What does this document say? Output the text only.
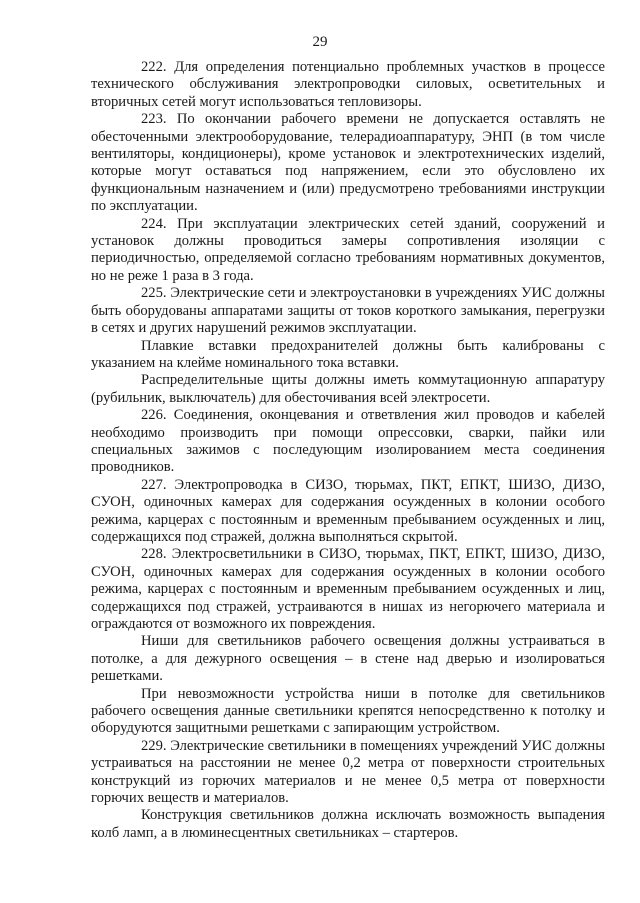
29

222. Для определения потенциально проблемных участков в процессе технического обслуживания электропроводки силовых, осветительных и вторичных сетей могут использоваться тепловизоры.

223. По окончании рабочего времени не допускается оставлять не обесточенными электрооборудование, телерадиоаппаратуру, ЭНП (в том числе вентиляторы, кондиционеры), кроме установок и электротехнических изделий, которые могут оставаться под напряжением, если это обусловлено их функциональным назначением и (или) предусмотрено требованиями инструкции по эксплуатации.

224. При эксплуатации электрических сетей зданий, сооружений и установок должны проводиться замеры сопротивления изоляции с периодичностью, определяемой согласно требованиям нормативных документов, но не реже 1 раза в 3 года.

225. Электрические сети и электроустановки в учреждениях УИС должны быть оборудованы аппаратами защиты от токов короткого замыкания, перегрузки в сетях и других нарушений режимов эксплуатации.

Плавкие вставки предохранителей должны быть калиброваны с указанием на клейме номинального тока вставки.

Распределительные щиты должны иметь коммутационную аппаратуру (рубильник, выключатель) для обесточивания всей электросети.

226. Соединения, оконцевания и ответвления жил проводов и кабелей необходимо производить при помощи опрессовки, сварки, пайки или специальных зажимов с последующим изолированием места соединения проводников.

227. Электропроводка в СИЗО, тюрьмах, ПКТ, ЕПКТ, ШИЗО, ДИЗО, СУОН, одиночных камерах для содержания осужденных в колонии особого режима, карцерах с постоянным и временным пребыванием осужденных и лиц, содержащихся под стражей, должна выполняться скрытой.

228. Электросветильники в СИЗО, тюрьмах, ПКТ, ЕПКТ, ШИЗО, ДИЗО, СУОН, одиночных камерах для содержания осужденных в колонии особого режима, карцерах с постоянным и временным пребыванием осужденных и лиц, содержащихся под стражей, устраиваются в нишах из негорючего материала и ограждаются от возможного их повреждения.

Ниши для светильников рабочего освещения должны устраиваться в потолке, а для дежурного освещения – в стене над дверью и изолироваться решетками.

При невозможности устройства ниши в потолке для светильников рабочего освещения данные светильники крепятся непосредственно к потолку и оборудуются защитными решетками с запирающим устройством.

229. Электрические светильники в помещениях учреждений УИС должны устраиваться на расстоянии не менее 0,2 метра от поверхности строительных конструкций из горючих материалов и не менее 0,5 метра от поверхности горючих веществ и материалов.

Конструкция светильников должна исключать возможность выпадения колб ламп, а в люминесцентных светильниках – стартеров.
